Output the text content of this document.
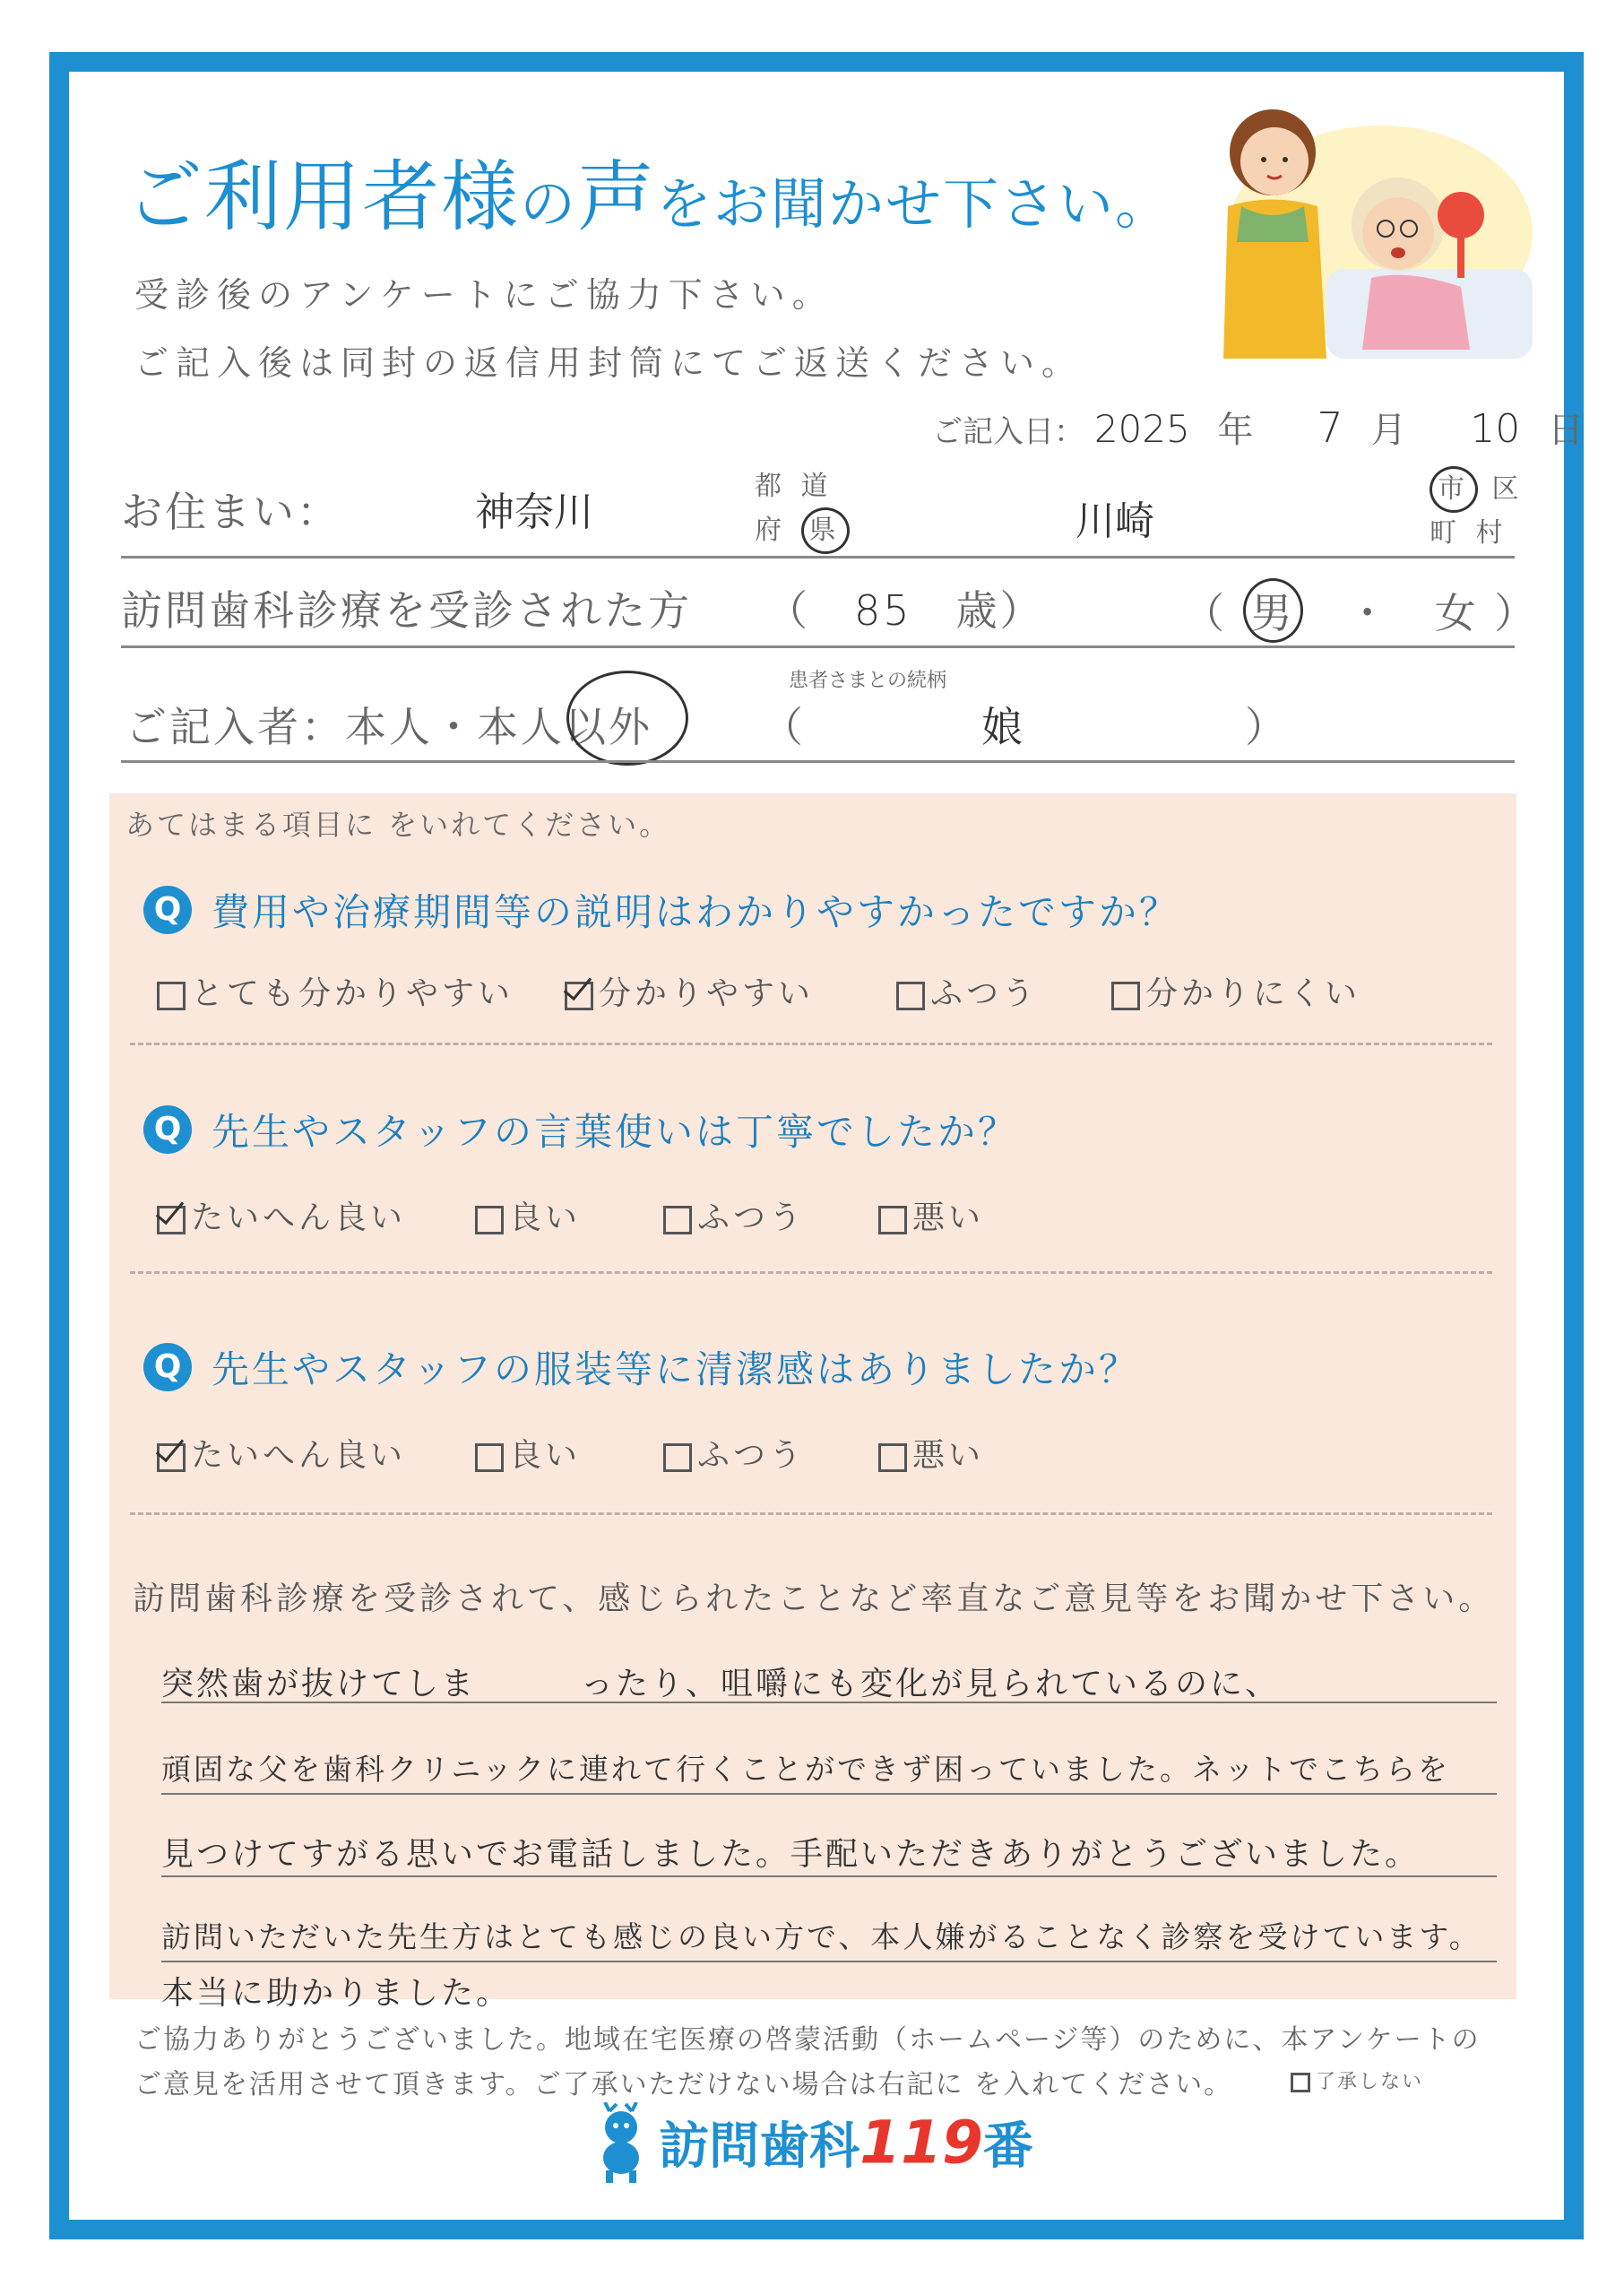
ご利用者様の声をお聞かせ下さい。
受診後のアンケートにご協力下さい。
ご記入後は同封の返信用封筒にてご返送ください。
ご記入日： 2025 年 7 月 10 日
お住まい：	神奈川
都 道
府 県	川崎
市 区
町 村
訪問歯科診療を受診された方 （　85　 歳）	（ 男　 ・　 女 ）
患者さまとの続柄
ご記入者：本人・本人以外	（　　　　娘　　　　　）
あてはまる項目に をいれてください。
Q 費用や治療期間等の説明はわかりやすかったですか？
とても分かりやすい	分かりやすい	ふつう	分かりにくい
Q 先生やスタッフの言葉使いは丁寧でしたか？
たいへん良い	良い	ふつう	悪い
Q 先生やスタッフの服装等に清潔感はありましたか？
たいへん良い	良い	ふつう	悪い
訪問歯科診療を受診されて、感じられたことなど率直なご意見等をお聞かせ下さい。
突然歯が抜けてしま　　　ったり、咀嚼にも変化が見られているのに、
頑固な父を歯科クリニックに連れて行くことができず困っていました。ネットでこちらを
見つけてすがる思いでお電話しました。手配いただきありがとうございました。
訪問いただいた先生方はとても感じの良い方で、本人嫌がることなく診察を受けています。
本当に助かりました。
ご協力ありがとうございました。地域在宅医療の啓蒙活動（ホームページ等）のために、本アンケートの
ご意見を活用させて頂きます。ご了承いただけない場合は右記に を入れてください。	了承しない
訪問歯科119番
